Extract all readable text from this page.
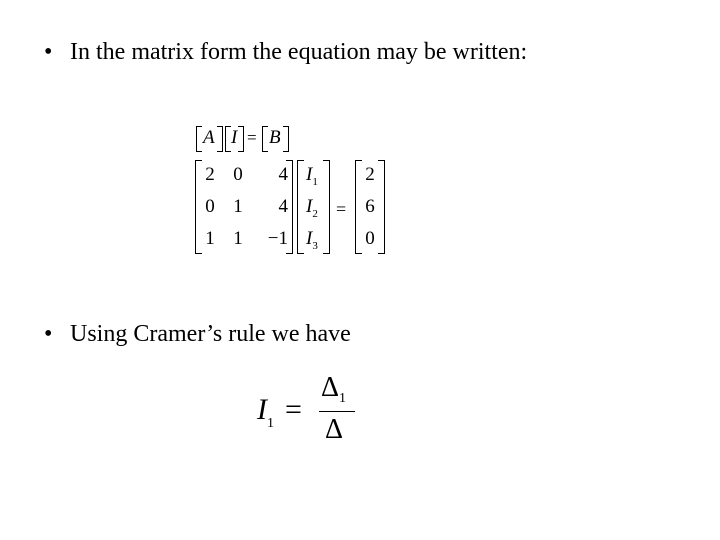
• In the matrix form the equation may be written:
A I = B
2 0	4
0 1	4
1 1	−1
$I_1$
$I_2$
$I_3$
=
2
6
0
• Using Cramer’s rule we have
$I_1$ =
$\Delta_1$
Δ
